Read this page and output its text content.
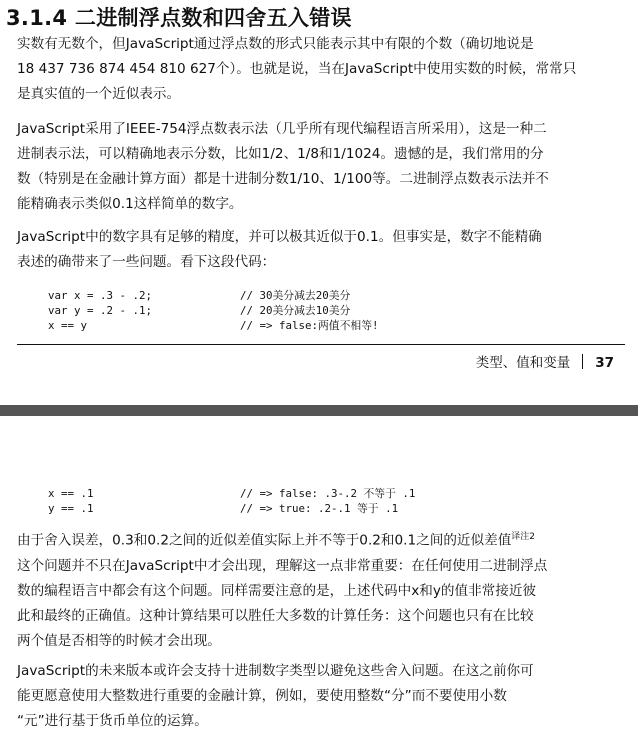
3.1.4 二进制浮点数和四舍五入错误

实数有无数个，但JavaScript通过浮点数的形式只能表示其中有限的个数（确切地说是
18 437 736 874 454 810 627个）。也就是说，当在JavaScript中使用实数的时候，常常只
是真实值的一个近似表示。

JavaScript采用了IEEE-754浮点数表示法（几乎所有现代编程语言所采用），这是一种二
进制表示法，可以精确地表示分数，比如1/2、1/8和1/1024。遗憾的是，我们常用的分
数（特别是在金融计算方面）都是十进制分数1/10、1/100等。二进制浮点数表示法并不
能精确表示类似0.1这样简单的数字。

JavaScript中的数字具有足够的精度，并可以极其近似于0.1。但事实是，数字不能精确
表述的确带来了一些问题。看下这段代码：

var x = .3 - .2;	// 30美分减去20美分
var y = .2 - .1;	// 20美分减去10美分
x == y	// => false:两值不相等!
类型、值和变量 37
x == .1	// => false: .3-.2 不等于 .1
y == .1	// => true: .2-.1 等于 .1

由于舍入误差，0.3和0.2之间的近似差值实际上并不等于0.2和0.1之间的近似差值$^{译注2}$
这个问题并不只在JavaScript中才会出现，理解这一点非常重要：在任何使用二进制浮点
数的编程语言中都会有这个问题。同样需要注意的是，上述代码中x和y的值非常接近彼
此和最终的正确值。这种计算结果可以胜任大多数的计算任务：这个问题也只有在比较
两个值是否相等的时候才会出现。

JavaScript的未来版本或许会支持十进制数字类型以避免这些舍入问题。在这之前你可
能更愿意使用大整数进行重要的金融计算，例如，要使用整数“分”而不要使用小数
“元”进行基于货币单位的运算。
